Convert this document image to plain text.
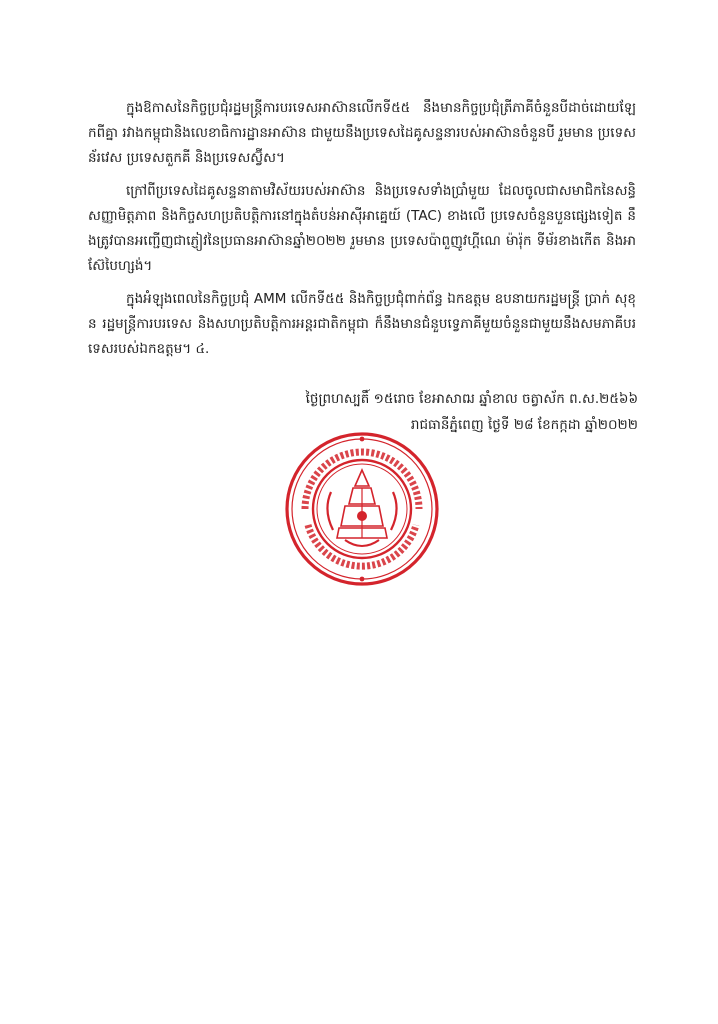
ក្នុងឱកាសនៃកិច្ចប្រជុំរដ្ឋមន្ត្រីការបរទេសអាស៊ានលើកទី៥៥ នឹងមានកិច្ចប្រជុំត្រីភាគីចំនួនបីដាច់ដោយឡែកពីគ្នា រវាងកម្ពុជានិងលេខាធិការដ្ឋានអាស៊ាន ជាមួយនឹងប្រទេសដៃគូសន្ទនារបស់អាស៊ានចំនួនបី រួមមាន ប្រទេសន័រវេស ប្រទេសតួកគី និងប្រទេសស្វ៊ីស។

ក្រៅពីប្រទេសដៃគូសន្ទនាតាមវិស័យរបស់អាស៊ាន និងប្រទេសទាំងប្រាំមួយ ដែលចូលជាសមាជិកនៃសន្ធិសញ្ញាមិត្តភាព និងកិច្ចសហប្រតិបត្តិការនៅក្នុងតំបន់អាស៊ីអាគ្នេយ៍ (TAC) ខាងលើ ប្រទេសចំនួនបួនផ្សេងទៀត នឹងត្រូវបានអញ្ជើញជាភ្ញៀវនៃប្រធានអាស៊ានឆ្នាំ២០២២ រួមមាន ប្រទេសប៉ាពួញូវហ្គីណេ ម៉ារ៉ុក ទីម័រខាងកើត និងអាស៊ែបៃហ្សង់។

ក្នុងអំឡុងពេលនៃកិច្ចប្រជុំ AMM លើកទី៥៥ និងកិច្ចប្រជុំពាក់ព័ន្ធ ឯកឧត្តម ឧបនាយករដ្ឋមន្ត្រី ប្រាក់ សុខុន រដ្ឋមន្ត្រីការបរទេស និងសហប្រតិបត្តិការអន្តរជាតិកម្ពុជា ក៏នឹងមានជំនួបទ្វេភាគីមួយចំនួនជាមួយនឹងសមភាគីបរទេសរបស់ឯកឧត្តម។ ៤.

ថ្ងៃព្រហស្បតិ៍ ១៥រោច ខែអាសាឍ ឆ្នាំខាល ចត្វាស័ក ព.ស.២៥៦៦
រាជធានីភ្នំពេញ ថ្ងៃទី ២៨ ខែកក្កដា ឆ្នាំ២០២២
